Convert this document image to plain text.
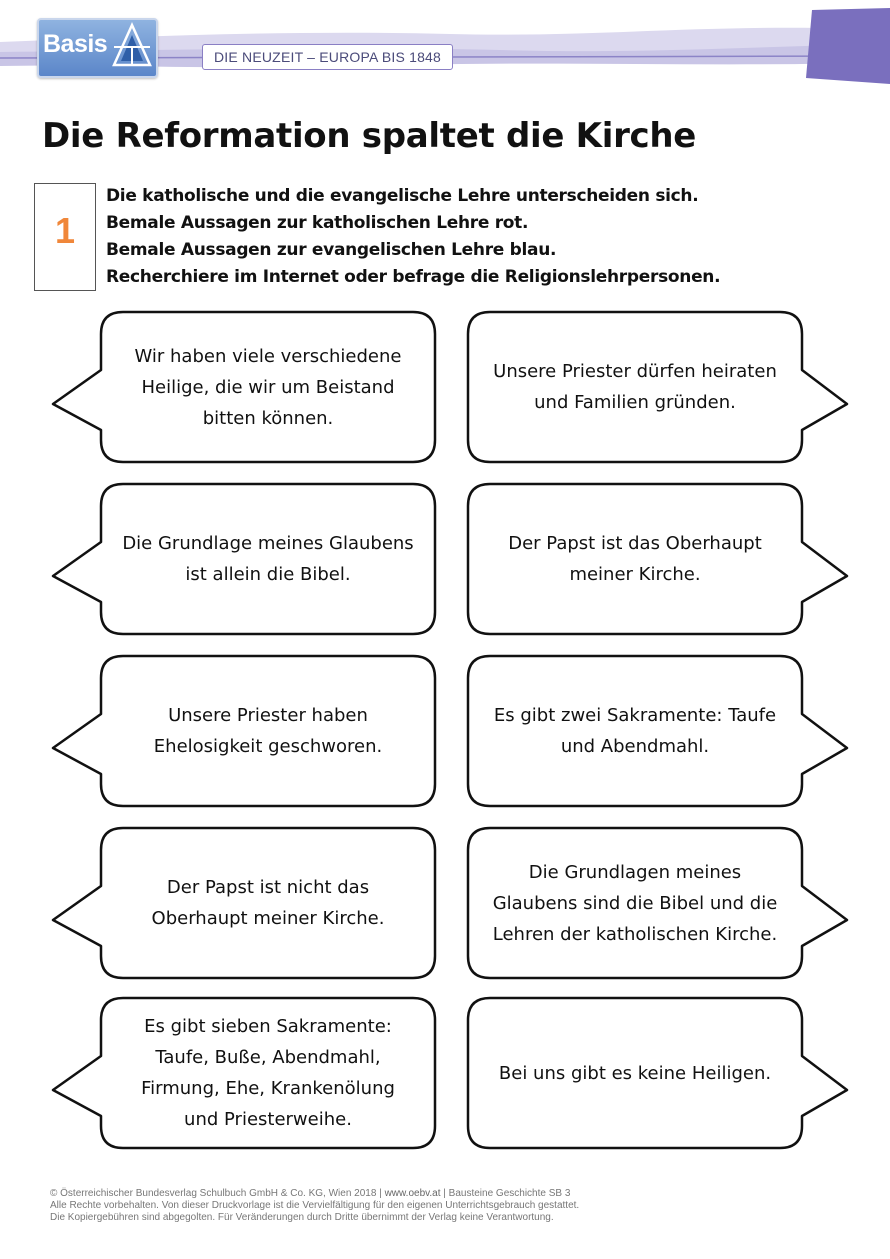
Basis	DIE NEUZEIT – EUROPA BIS 1848
Die Reformation spaltet die Kirche
1
Die katholische und die evangelische Lehre unterscheiden sich.
Bemale Aussagen zur katholischen Lehre rot.
Bemale Aussagen zur evangelischen Lehre blau.
Recherchiere im Internet oder befrage die Religionslehrpersonen.
Wir haben viele verschiedene
Heilige, die wir um Beistand
bitten können.
Unsere Priester dürfen heiraten
und Familien gründen.
Die Grundlage meines Glaubens
ist allein die Bibel.
Der Papst ist das Oberhaupt
meiner Kirche.
Unsere Priester haben
Ehelosigkeit geschworen.
Es gibt zwei Sakramente: Taufe
und Abendmahl.
Der Papst ist nicht das
Oberhaupt meiner Kirche.
Die Grundlagen meines
Glaubens sind die Bibel und die
Lehren der katholischen Kirche.
Es gibt sieben Sakramente:
Taufe, Buße, Abendmahl,
Firmung, Ehe, Krankenölung
und Priesterweihe.
Bei uns gibt es keine Heiligen.
© Österreichischer Bundesverlag Schulbuch GmbH & Co. KG, Wien 2018 | www.oebv.at | Bausteine Geschichte SB 3
Alle Rechte vorbehalten. Von dieser Druckvorlage ist die Vervielfältigung für den eigenen Unterrichtsgebrauch gestattet.
Die Kopiergebühren sind abgegolten. Für Veränderungen durch Dritte übernimmt der Verlag keine Verantwortung.
